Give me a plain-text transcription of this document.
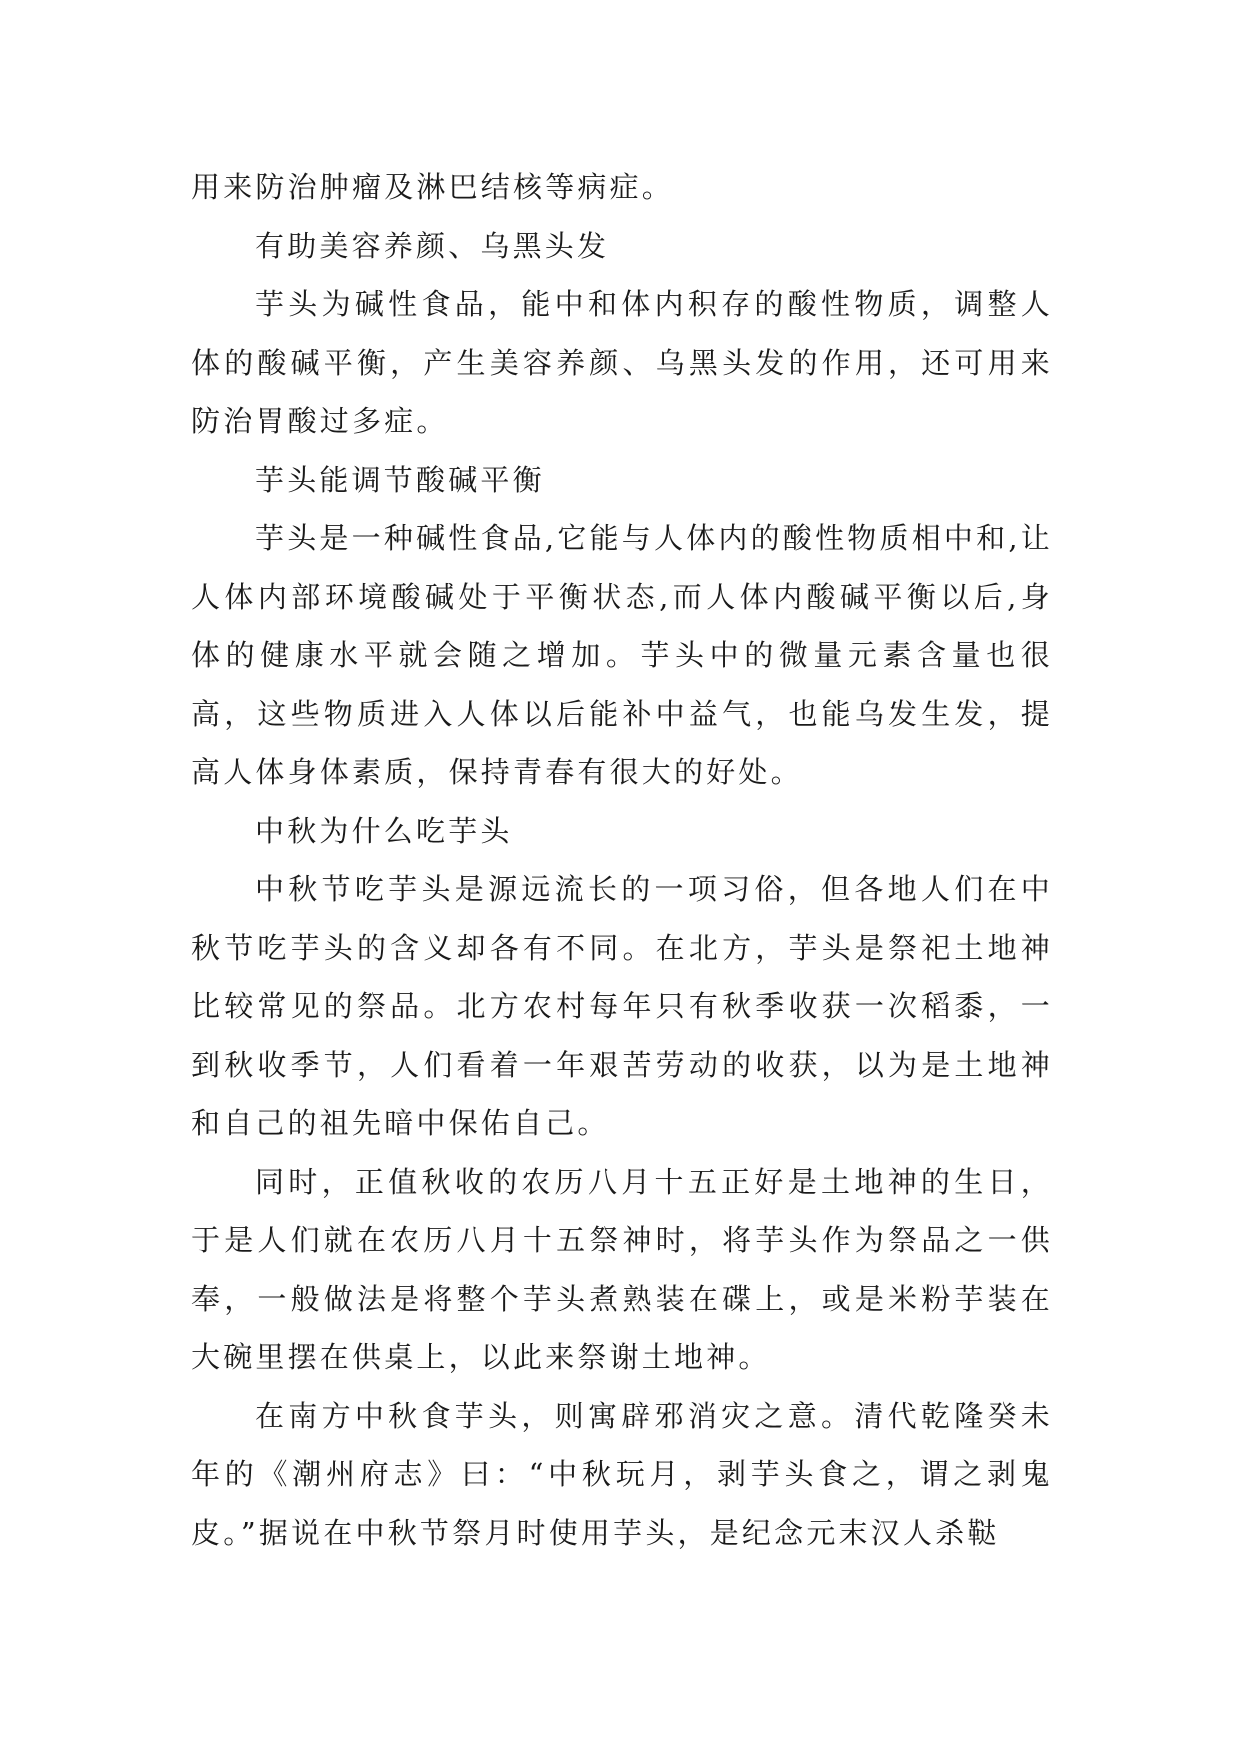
用来防治肿瘤及淋巴结核等病症。

有助美容养颜、乌黑头发

芋头为碱性食品，能中和体内积存的酸性物质，调整人体的酸碱平衡，产生美容养颜、乌黑头发的作用，还可用来防治胃酸过多症。

芋头能调节酸碱平衡

芋头是一种碱性食品,它能与人体内的酸性物质相中和,让人体内部环境酸碱处于平衡状态,而人体内酸碱平衡以后,身体的健康水平就会随之增加。芋头中的微量元素含量也很高，这些物质进入人体以后能补中益气，也能乌发生发，提高人体身体素质，保持青春有很大的好处。

中秋为什么吃芋头

中秋节吃芋头是源远流长的一项习俗，但各地人们在中秋节吃芋头的含义却各有不同。在北方，芋头是祭祀土地神比较常见的祭品。北方农村每年只有秋季收获一次稻黍，一到秋收季节，人们看着一年艰苦劳动的收获，以为是土地神和自己的祖先暗中保佑自己。

同时，正值秋收的农历八月十五正好是土地神的生日，于是人们就在农历八月十五祭神时，将芋头作为祭品之一供奉，一般做法是将整个芋头煮熟装在碟上，或是米粉芋装在大碗里摆在供桌上，以此来祭谢土地神。

在南方中秋食芋头，则寓辟邪消灾之意。清代乾隆癸未年的《潮州府志》曰：“中秋玩月，剥芋头食之，谓之剥鬼皮。”据说在中秋节祭月时使用芋头，是纪念元末汉人杀鞑
